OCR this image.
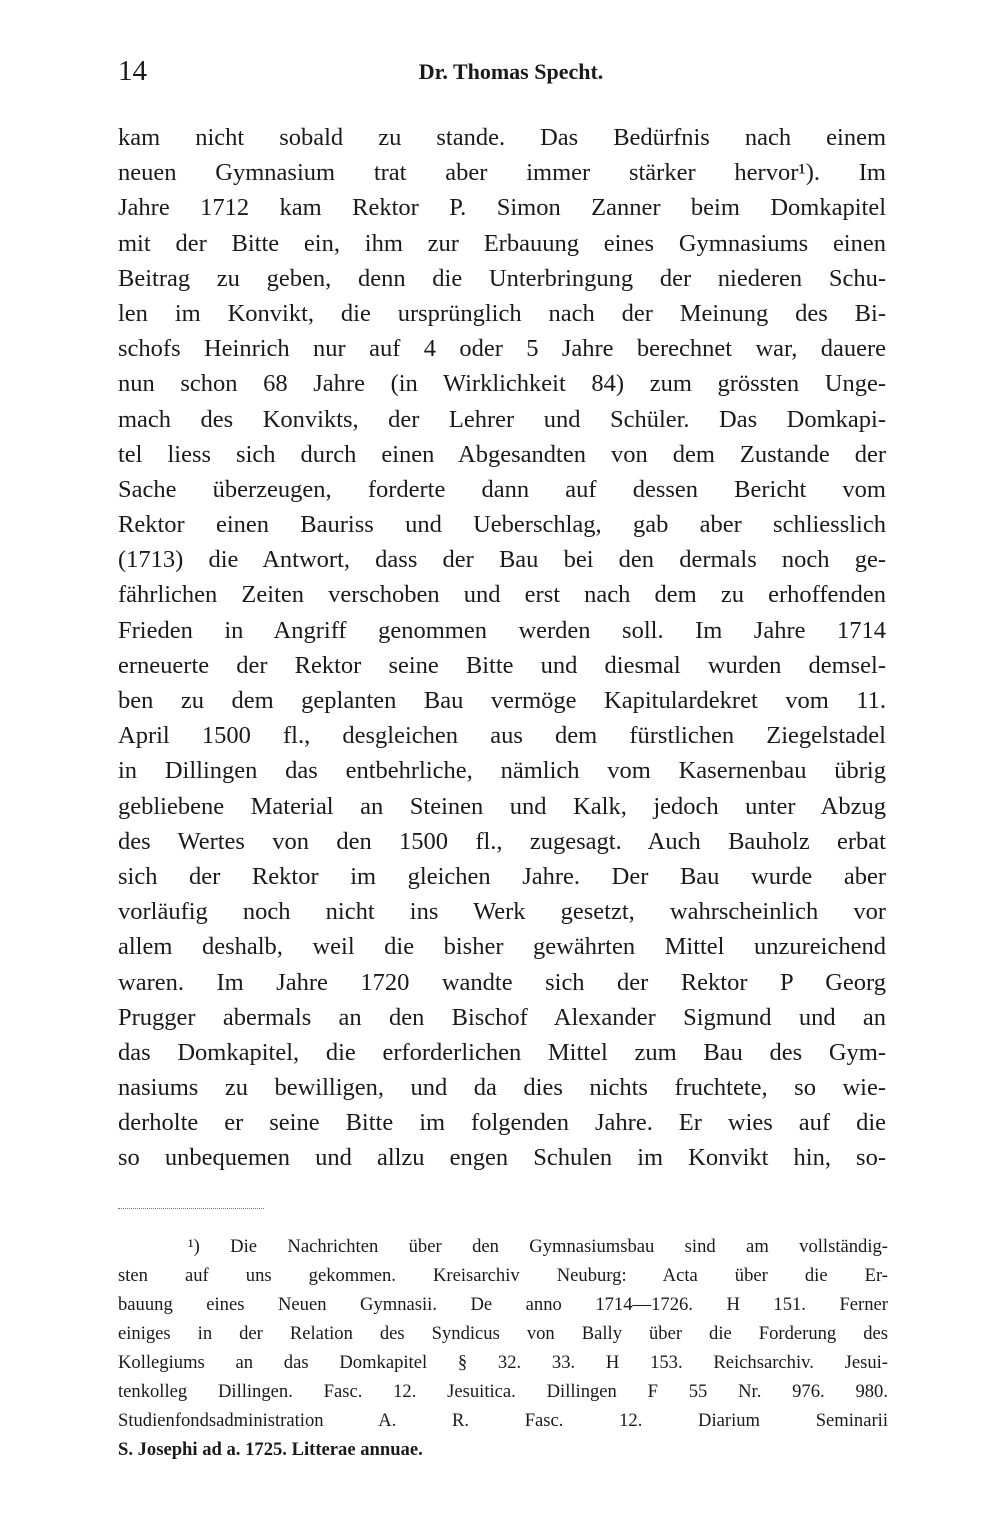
14	Dr. Thomas Specht.
kam nicht sobald zu stande. Das Bedürfnis nach einem
neuen Gymnasium trat aber immer stärker hervor¹). Im
Jahre 1712 kam Rektor P. Simon Zanner beim Domkapitel
mit der Bitte ein, ihm zur Erbauung eines Gymnasiums einen
Beitrag zu geben, denn die Unterbringung der niederen Schu-
len im Konvikt, die ursprünglich nach der Meinung des Bi-
schofs Heinrich nur auf 4 oder 5 Jahre berechnet war, dauere
nun schon 68 Jahre (in Wirklichkeit 84) zum grössten Unge-
mach des Konvikts, der Lehrer und Schüler. Das Domkapi-
tel liess sich durch einen Abgesandten von dem Zustande der
Sache überzeugen, forderte dann auf dessen Bericht vom
Rektor einen Bauriss und Ueberschlag, gab aber schliesslich
(1713) die Antwort, dass der Bau bei den dermals noch ge-
fährlichen Zeiten verschoben und erst nach dem zu erhoffenden
Frieden in Angriff genommen werden soll. Im Jahre 1714
erneuerte der Rektor seine Bitte und diesmal wurden demsel-
ben zu dem geplanten Bau vermöge Kapitulardekret vom 11.
April 1500 fl., desgleichen aus dem fürstlichen Ziegelstadel
in Dillingen das entbehrliche, nämlich vom Kasernenbau übrig
gebliebene Material an Steinen und Kalk, jedoch unter Abzug
des Wertes von den 1500 fl., zugesagt. Auch Bauholz erbat
sich der Rektor im gleichen Jahre. Der Bau wurde aber
vorläufig noch nicht ins Werk gesetzt, wahrscheinlich vor
allem deshalb, weil die bisher gewährten Mittel unzureichend
waren. Im Jahre 1720 wandte sich der Rektor P Georg
Prugger abermals an den Bischof Alexander Sigmund und an
das Domkapitel, die erforderlichen Mittel zum Bau des Gym-
nasiums zu bewilligen, und da dies nichts fruchtete, so wie-
derholte er seine Bitte im folgenden Jahre. Er wies auf die
so unbequemen und allzu engen Schulen im Konvikt hin, so-
¹) Die Nachrichten über den Gymnasiumsbau sind am vollständig-
sten auf uns gekommen. Kreisarchiv Neuburg: Acta über die Er-
bauung eines Neuen Gymnasii. De anno 1714—1726. H 151. Ferner
einiges in der Relation des Syndicus von Bally über die Forderung des
Kollegiums an das Domkapitel § 32. 33. H 153. Reichsarchiv. Jesui-
tenkolleg Dillingen. Fasc. 12. Jesuitica. Dillingen F 55 Nr. 976. 980.
Studienfondsadministration A. R. Fasc. 12. Diarium Seminarii
S. Josephi ad a. 1725. Litterae annuae.
